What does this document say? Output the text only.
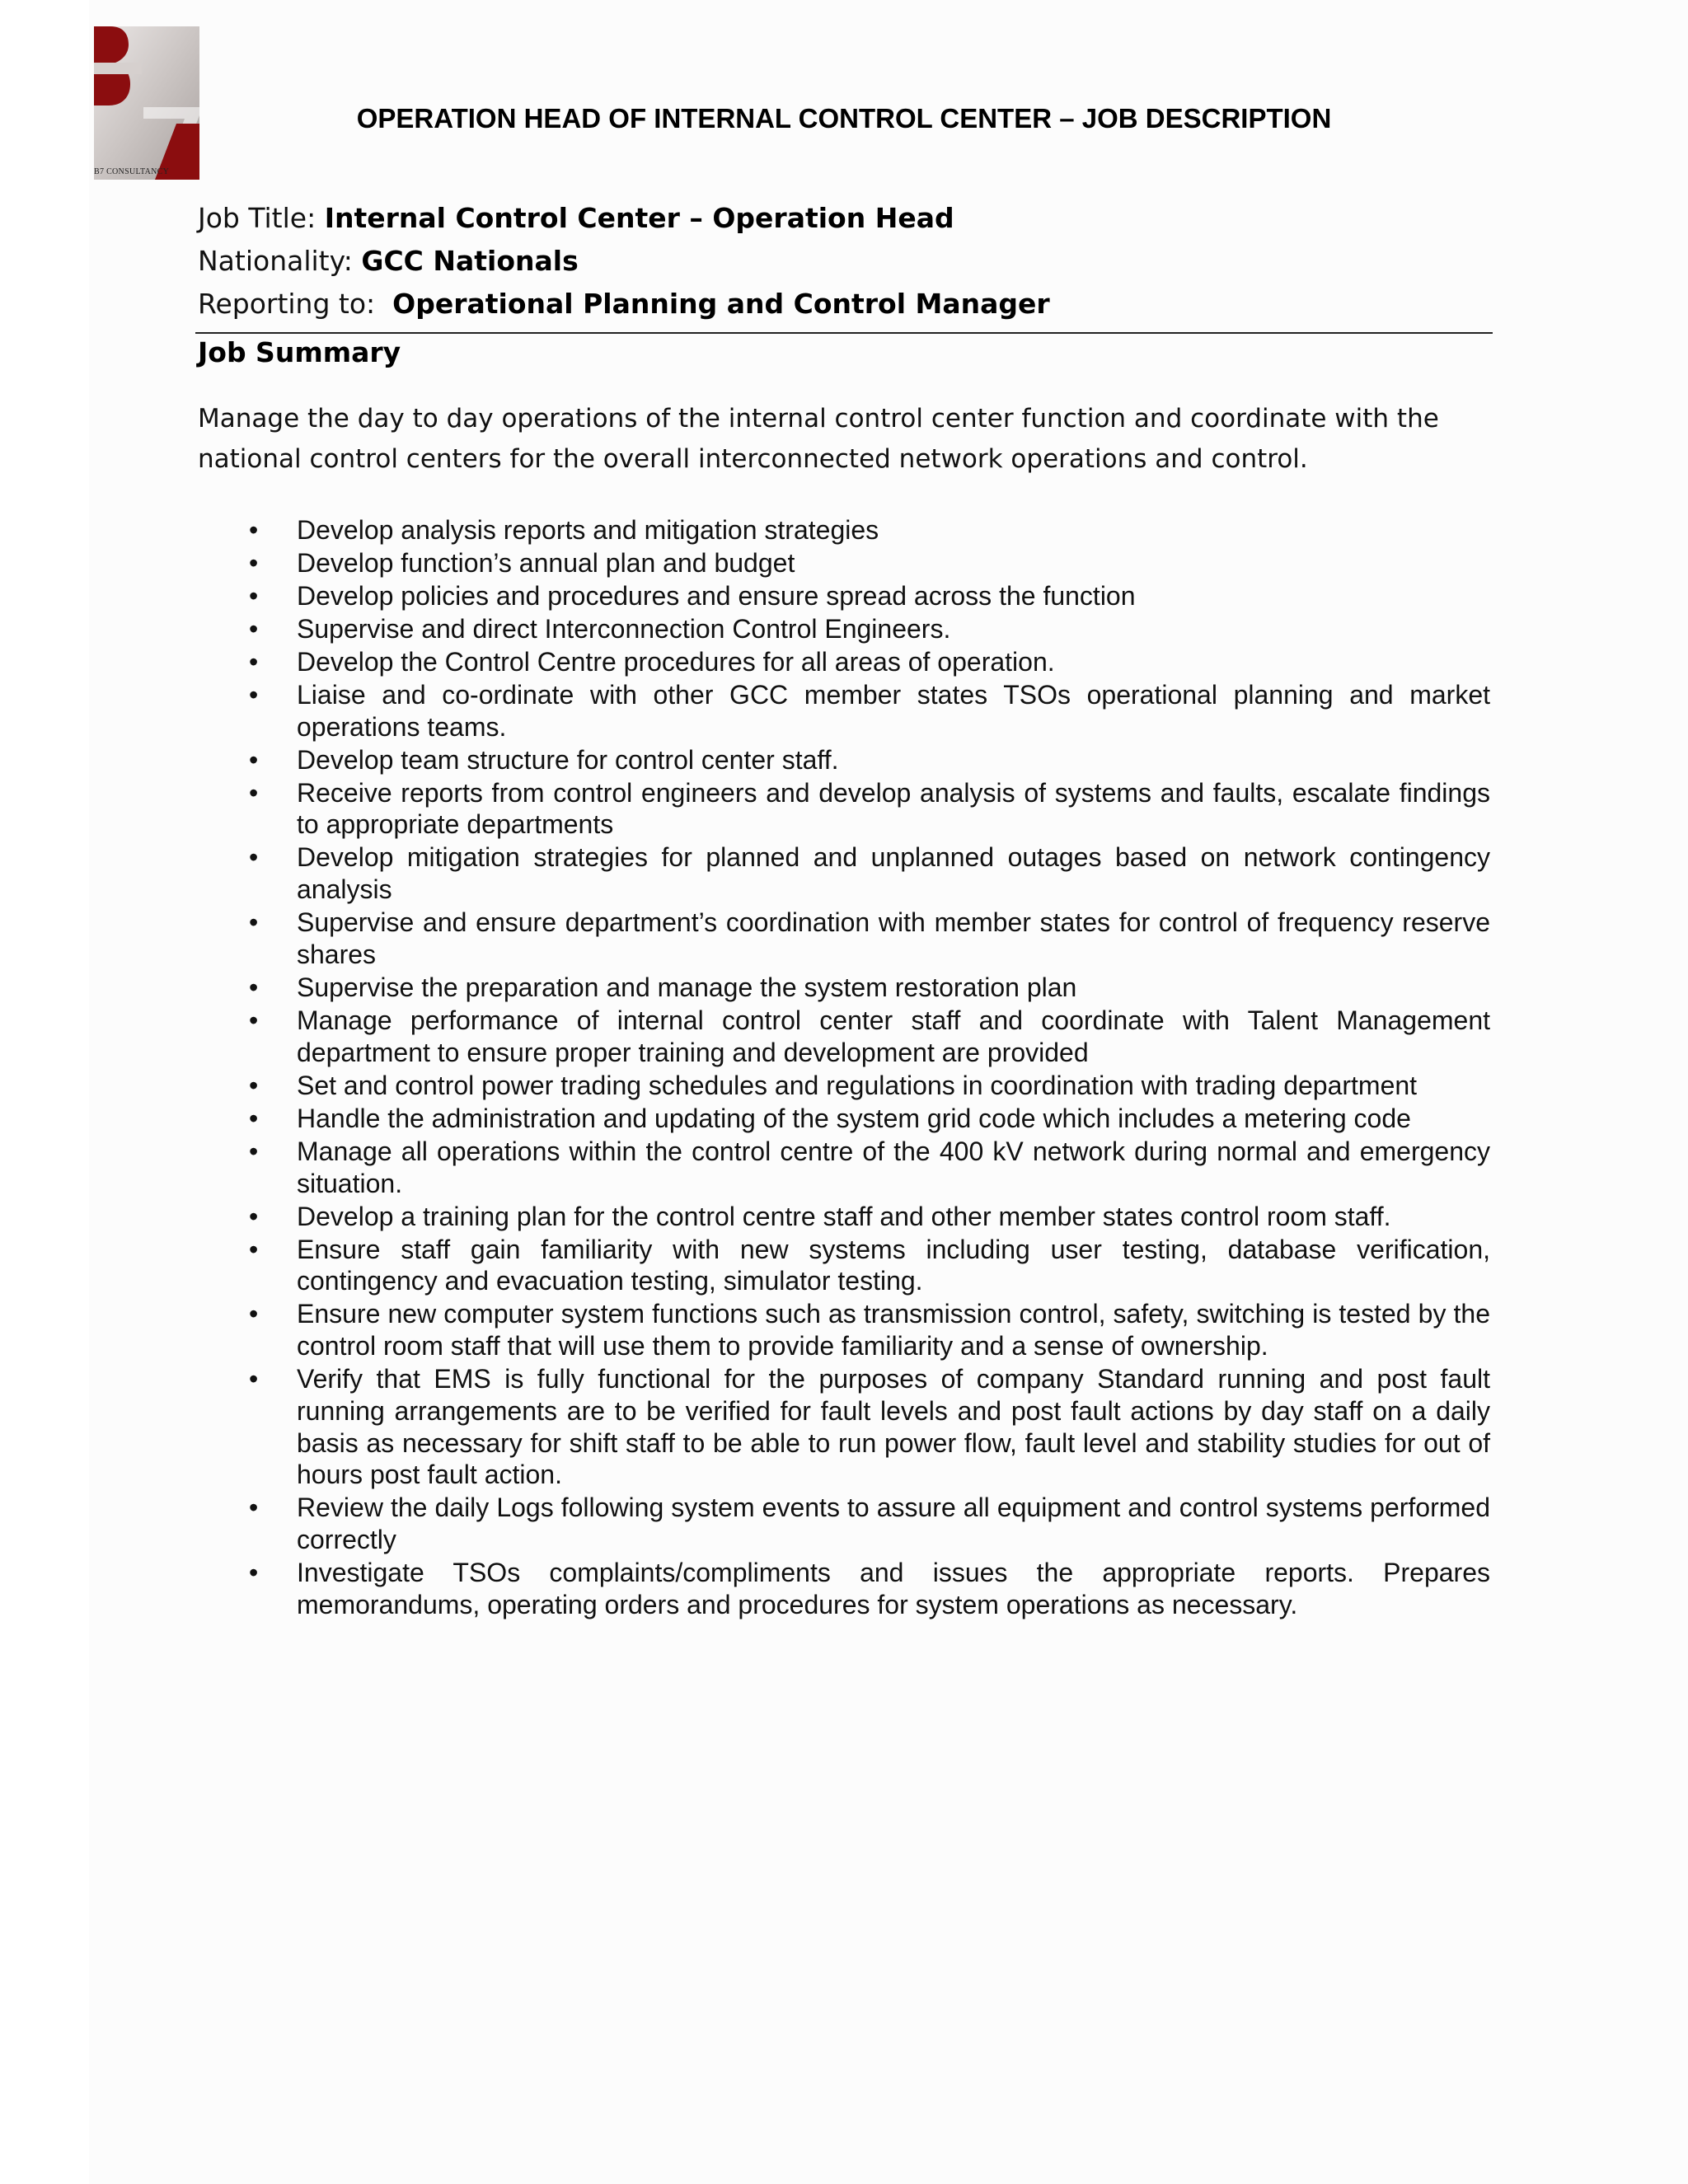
B7 CONSULTANCY
OPERATION HEAD OF INTERNAL CONTROL CENTER – JOB DESCRIPTION
Job Title: Internal Control Center – Operation Head
Nationality: GCC Nationals
Reporting to: Operational Planning and Control Manager
Job Summary
Manage the day to day operations of the internal control center function and coordinate with the national control centers for the overall interconnected network operations and control.
• Develop analysis reports and mitigation strategies
• Develop function’s annual plan and budget
• Develop policies and procedures and ensure spread across the function
• Supervise and direct Interconnection Control Engineers.
• Develop the Control Centre procedures for all areas of operation.
• Liaise and co-ordinate with other GCC member states TSOs operational planning and market operations teams.
• Develop team structure for control center staff.
• Receive reports from control engineers and develop analysis of systems and faults, escalate findings to appropriate departments
• Develop mitigation strategies for planned and unplanned outages based on network contingency analysis
• Supervise and ensure department’s coordination with member states for control of frequency reserve shares
• Supervise the preparation and manage the system restoration plan
• Manage performance of internal control center staff and coordinate with Talent Management department to ensure proper training and development are provided
• Set and control power trading schedules and regulations in coordination with trading department
• Handle the administration and updating of the system grid code which includes a metering code
• Manage all operations within the control centre of the 400 kV network during normal and emergency situation.
• Develop a training plan for the control centre staff and other member states control room staff.
• Ensure staff gain familiarity with new systems including user testing, database verification, contingency and evacuation testing, simulator testing.
• Ensure new computer system functions such as transmission control, safety, switching is tested by the control room staff that will use them to provide familiarity and a sense of ownership.
• Verify that EMS is fully functional for the purposes of company Standard running and post fault running arrangements are to be verified for fault levels and post fault actions by day staff on a daily basis as necessary for shift staff to be able to run power flow, fault level and stability studies for out of hours post fault action.
• Review the daily Logs following system events to assure all equipment and control systems performed correctly
• Investigate TSOs complaints/compliments and issues the appropriate reports. Prepares memorandums, operating orders and procedures for system operations as necessary.
